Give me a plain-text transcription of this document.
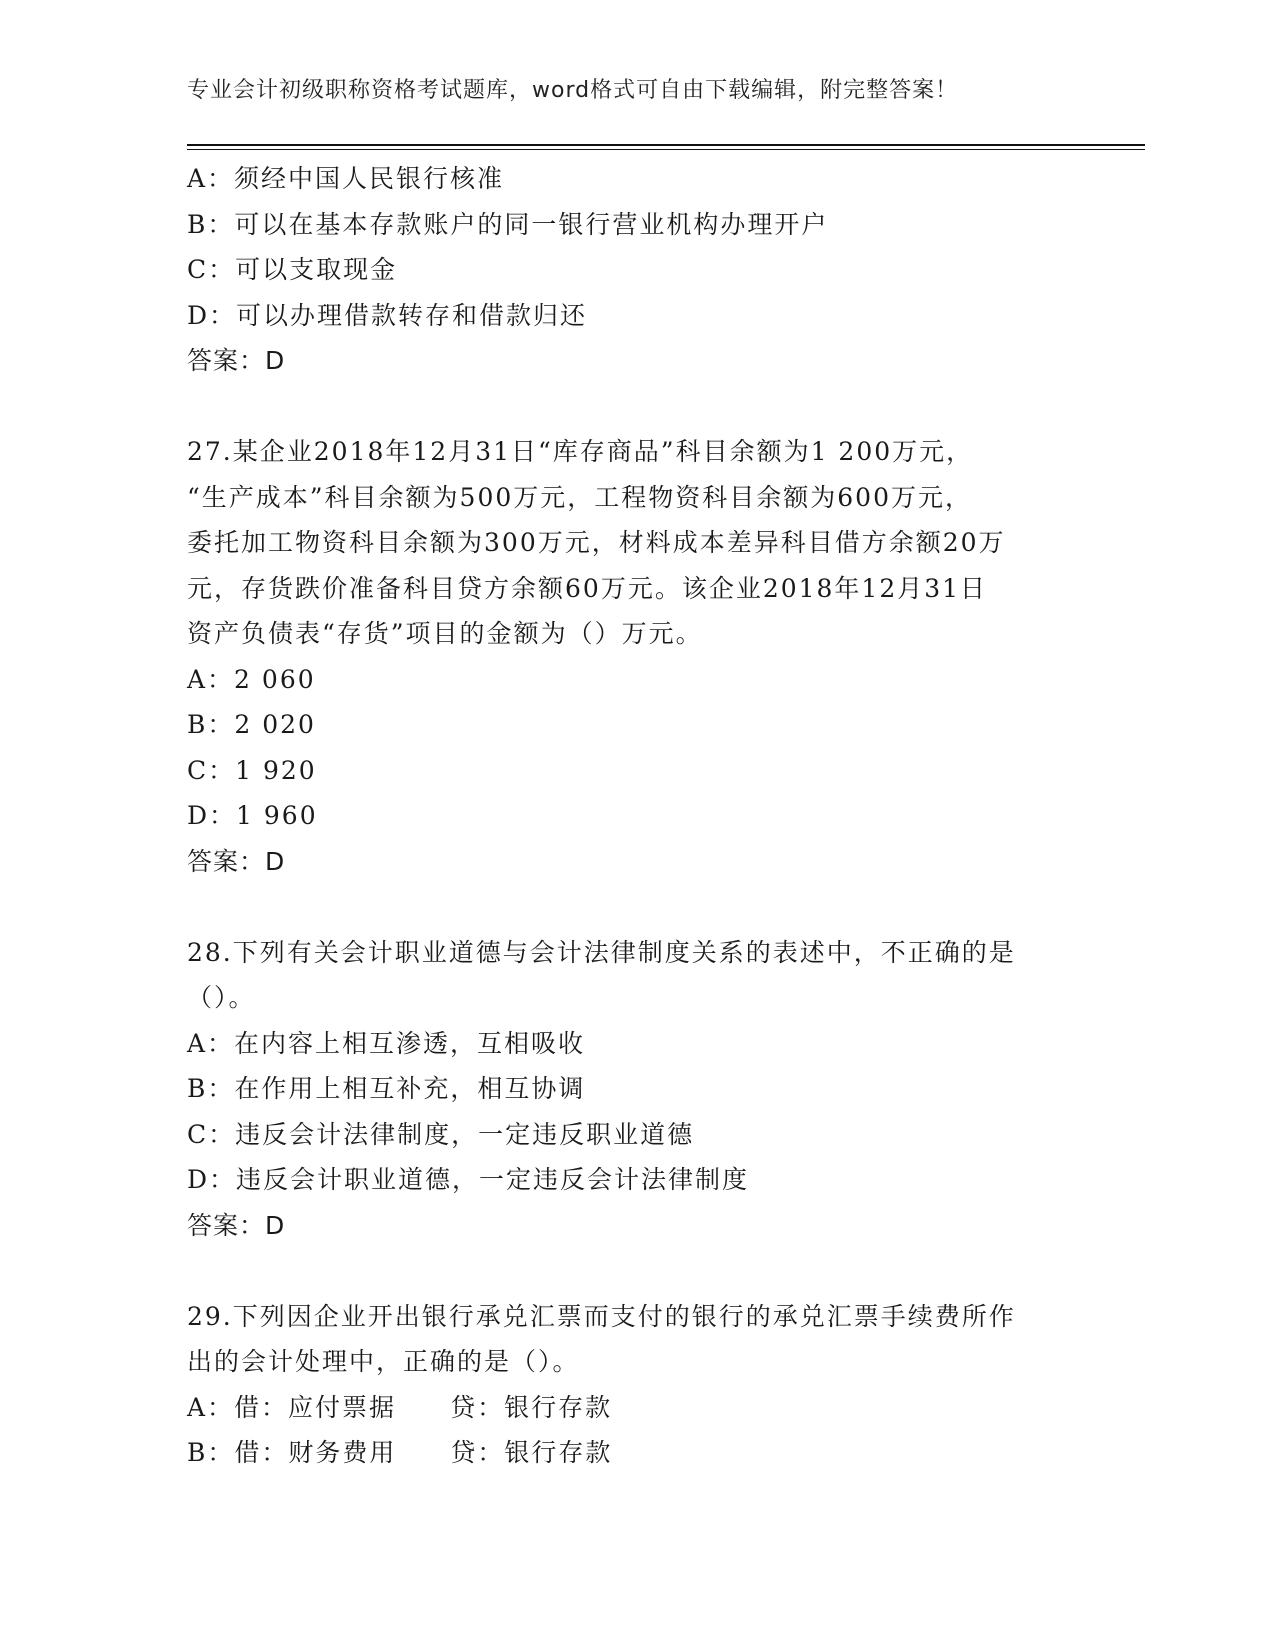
专业会计初级职称资格考试题库，word格式可自由下载编辑，附完整答案！
A：须经中国人民银行核准
B：可以在基本存款账户的同一银行营业机构办理开户
C：可以支取现金
D：可以办理借款转存和借款归还
答案：D
27.某企业2018年12月31日“库存商品”科目余额为1 200万元，
“生产成本”科目余额为500万元，工程物资科目余额为600万元，
委托加工物资科目余额为300万元，材料成本差异科目借方余额20万
元，存货跌价准备科目贷方余额60万元。该企业2018年12月31日
资产负债表“存货”项目的金额为（）万元。
A：2 060
B：2 020
C：1 920
D：1 960
答案：D
28.下列有关会计职业道德与会计法律制度关系的表述中，不正确的是
（）。
A：在内容上相互渗透，互相吸收
B：在作用上相互补充，相互协调
C：违反会计法律制度，一定违反职业道德
D：违反会计职业道德，一定违反会计法律制度
答案：D
29.下列因企业开出银行承兑汇票而支付的银行的承兑汇票手续费所作
出的会计处理中，正确的是（）。
A：借：应付票据 贷：银行存款
B：借：财务费用 贷：银行存款
